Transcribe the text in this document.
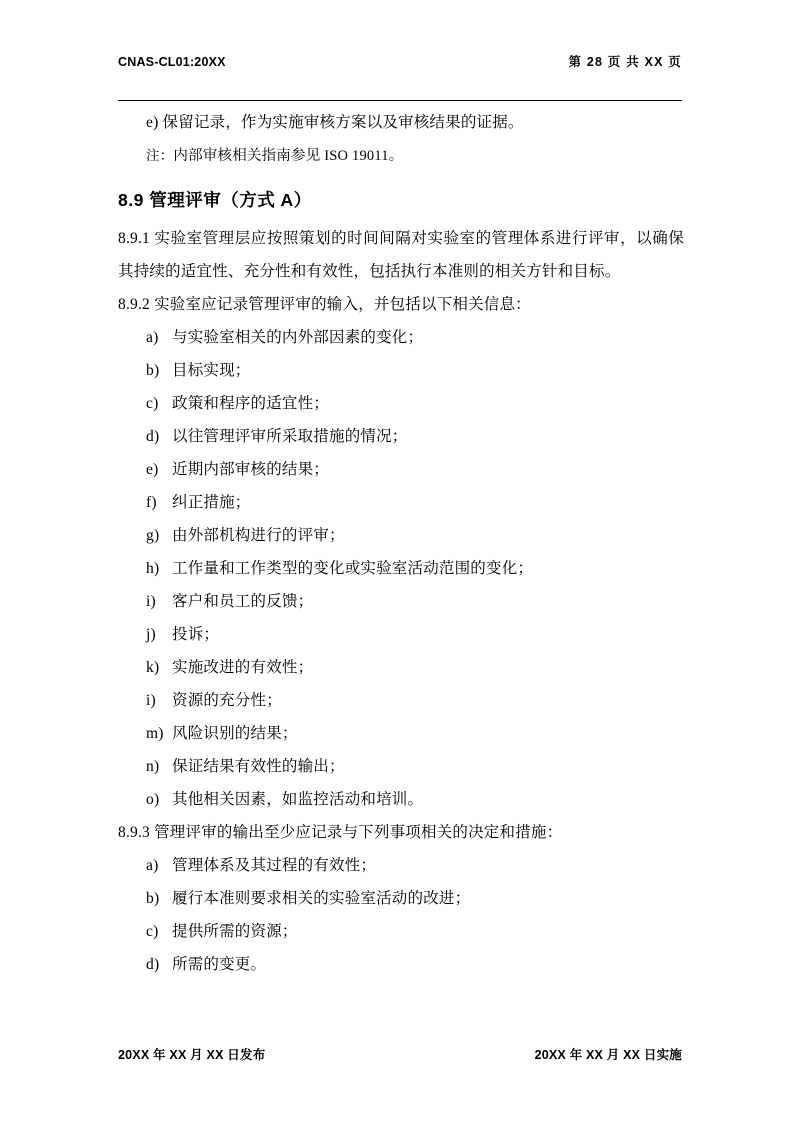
CNAS-CL01:20XX	第 28 页 共 XX 页

e) 保留记录，作为实施审核方案以及审核结果的证据。

注：内部审核相关指南参见 ISO 19011。
8.9 管理评审（方式 A）

8.9.1 实验室管理层应按照策划的时间间隔对实验室的管理体系进行评审，以确保其持续的适宜性、充分性和有效性，包括执行本准则的相关方针和目标。

8.9.2 实验室应记录管理评审的输入，并包括以下相关信息：

a) 与实验室相关的内外部因素的变化；
b) 目标实现；
c) 政策和程序的适宜性；
d) 以往管理评审所采取措施的情况；
e) 近期内部审核的结果；
f) 纠正措施；
g) 由外部机构进行的评审；
h) 工作量和工作类型的变化或实验室活动范围的变化；
i)	客户和员工的反馈；
j)	投诉；
k) 实施改进的有效性；
i)	资源的充分性；
m) 风险识别的结果；
n) 保证结果有效性的输出；
o) 其他相关因素，如监控活动和培训。

8.9.3 管理评审的输出至少应记录与下列事项相关的决定和措施：

a) 管理体系及其过程的有效性；
b) 履行本准则要求相关的实验室活动的改进；
c) 提供所需的资源；
d) 所需的变更。
20XX 年 XX 月 XX 日发布	20XX 年 XX 月 XX 日实施
